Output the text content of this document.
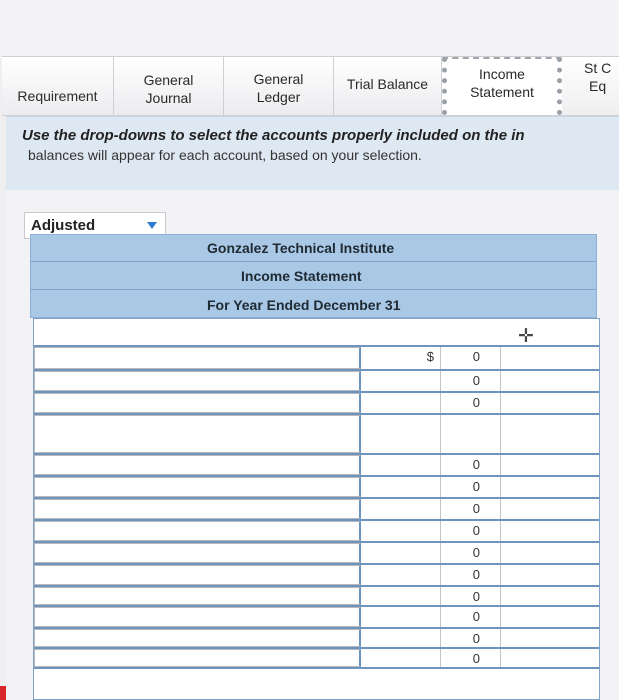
Requirement
General
Journal
General
Ledger
Trial Balance
Income
Statement
St C
Eq
Use the drop-downs to select the accounts properly included on the in
balances will appear for each account, based on your selection.
Adjusted
Gonzalez Technical Institute
Income Statement
For Year Ended December 31
✛
$	0
0
0
0
0
0
0
0
0
0
0
0
0
